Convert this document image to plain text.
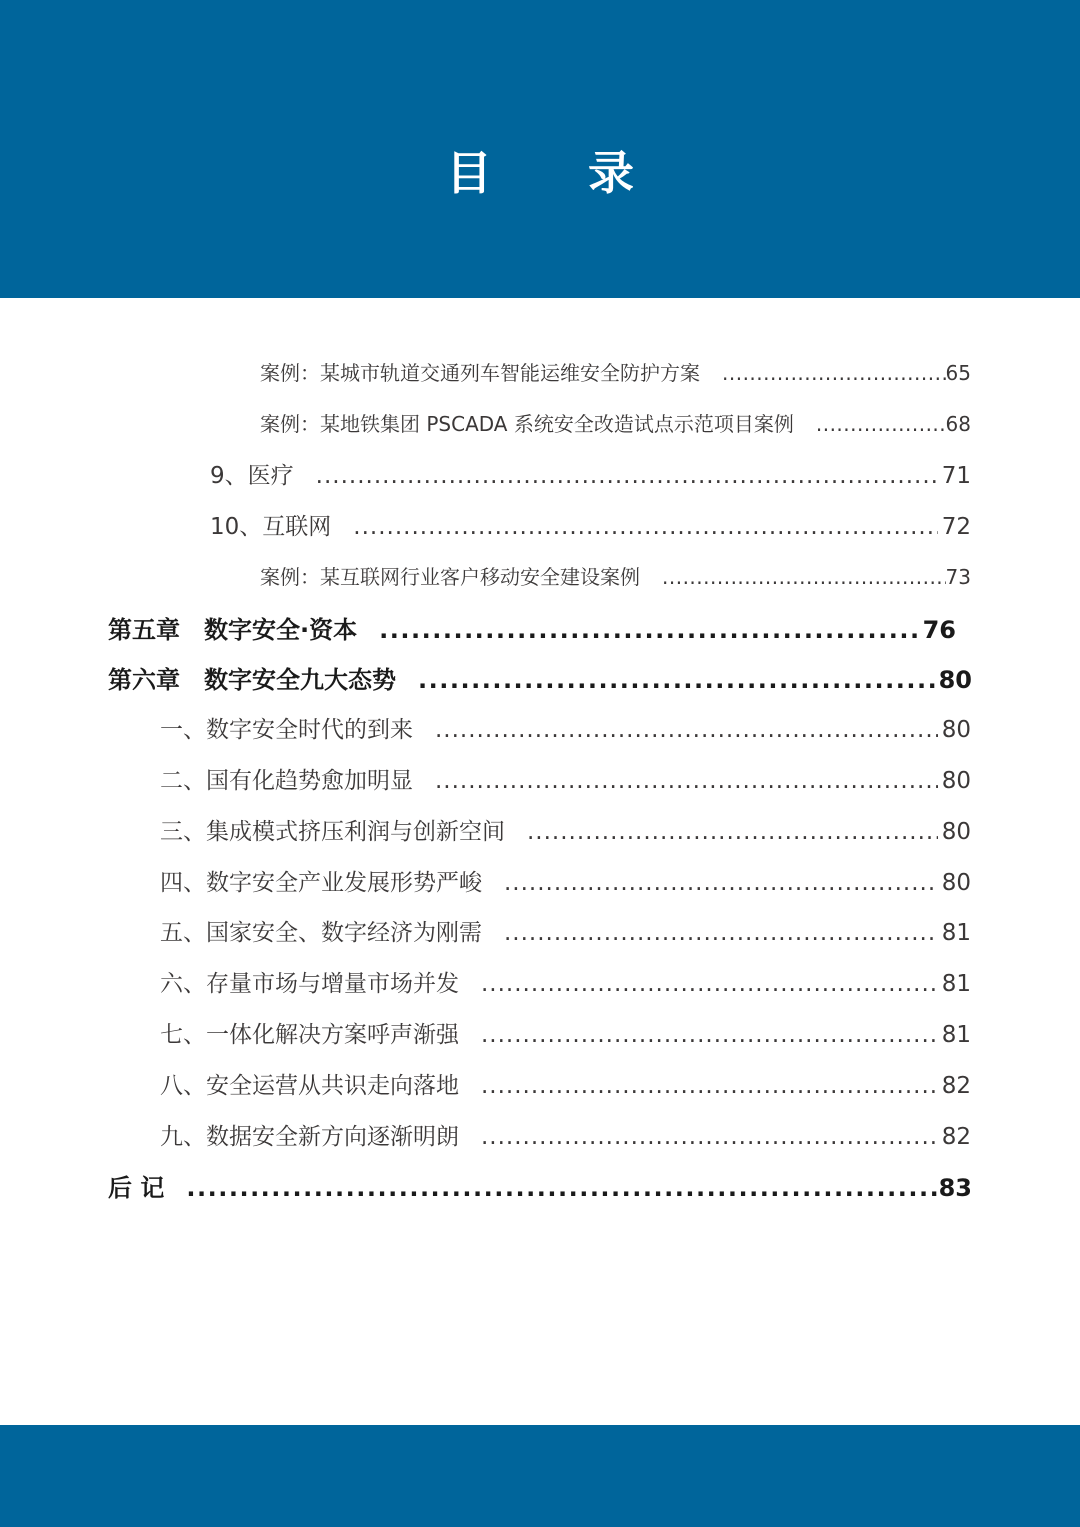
目 录
案例：某城市轨道交通列车智能运维安全防护方案 .....	65
案例：某地铁集团 PSCADA 系统安全改造试点示范项目案例 .....	68
9、医疗 .....	71
10、互联网 .....	72
案例：某互联网行业客户移动安全建设案例 .....	73
第五章　数字安全·资本 .....	76
第六章　数字安全九大态势 .....	80
一、数字安全时代的到来 .....	80
二、国有化趋势愈加明显 .....	80
三、集成模式挤压利润与创新空间 .....	80
四、数字安全产业发展形势严峻 .....	80
五、国家安全、数字经济为刚需 .....	81
六、存量市场与增量市场并发 .....	81
七、一体化解决方案呼声渐强 .....	81
八、安全运营从共识走向落地 .....	82
九、数据安全新方向逐渐明朗 .....	82
后 记 .....	83
